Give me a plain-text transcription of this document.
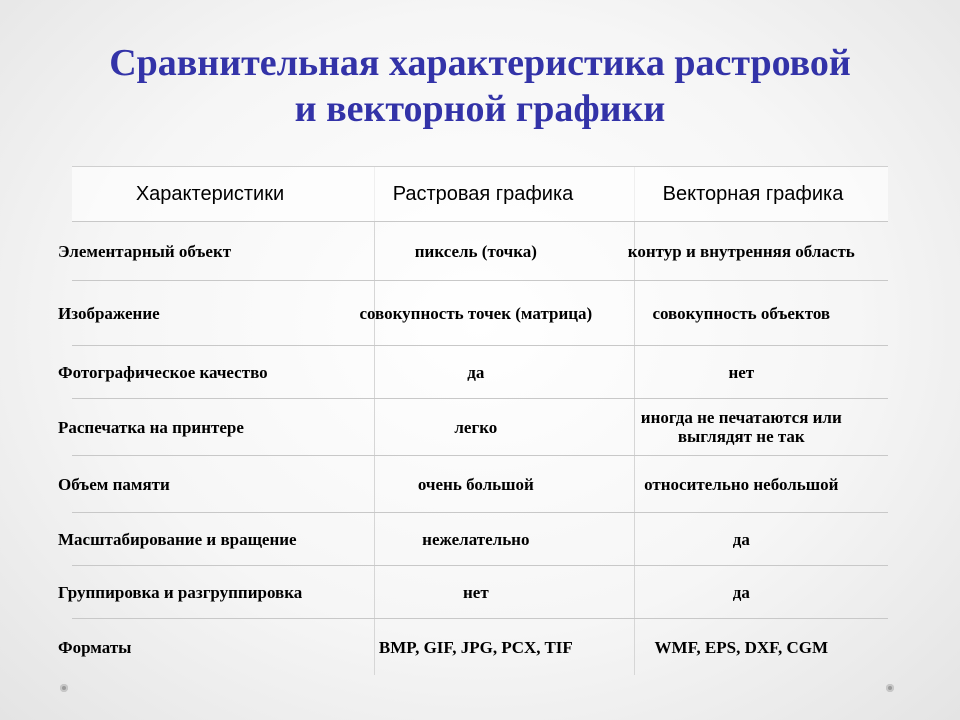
Сравнительная характеристика растровой
и векторной графики
Характеристики	Растровая графика	Векторная графика
Элементарный объект	пиксель (точка)	контур и внутренняя область
Изображение	совокупность точек (матрица)	совокупность объектов
Фотографическое качество	да	нет
Распечатка на принтере	легко	иногда не печатаются или выглядят не так
Объем памяти	очень большой	относительно небольшой
Масштабирование и вращение	нежелательно	да
Группировка и разгруппировка	нет	да
Форматы	BMP, GIF, JPG, PCX, TIF	WMF, EPS, DXF, CGM
